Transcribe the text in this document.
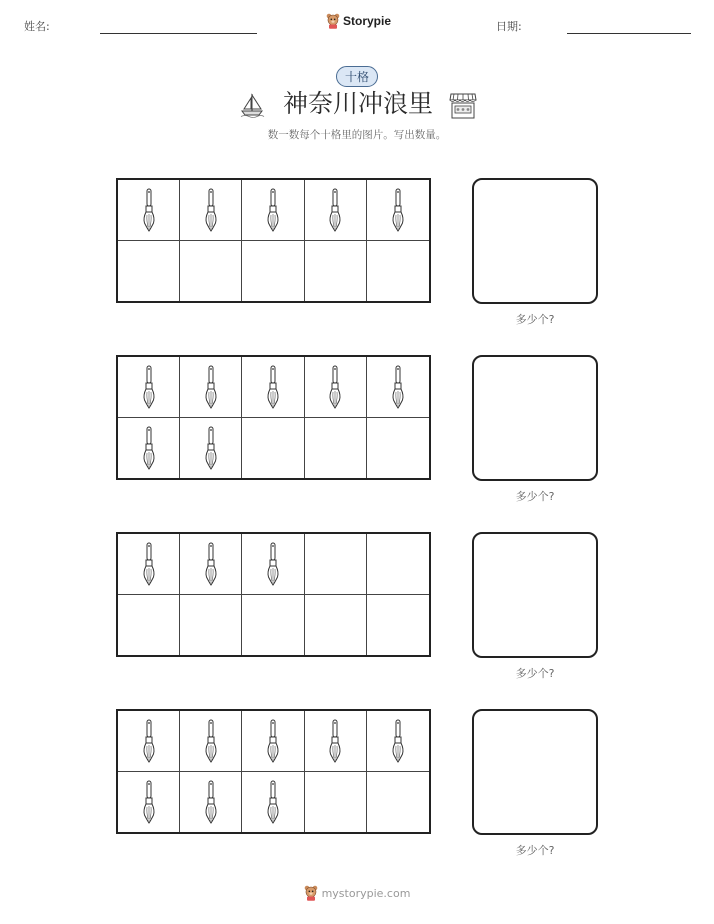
姓名:	Storypie	日期:
十格
神奈川冲浪里
数一数每个十格里的图片。写出数量。
多少个?
多少个?
多少个?
多少个?
mystorypie.com
